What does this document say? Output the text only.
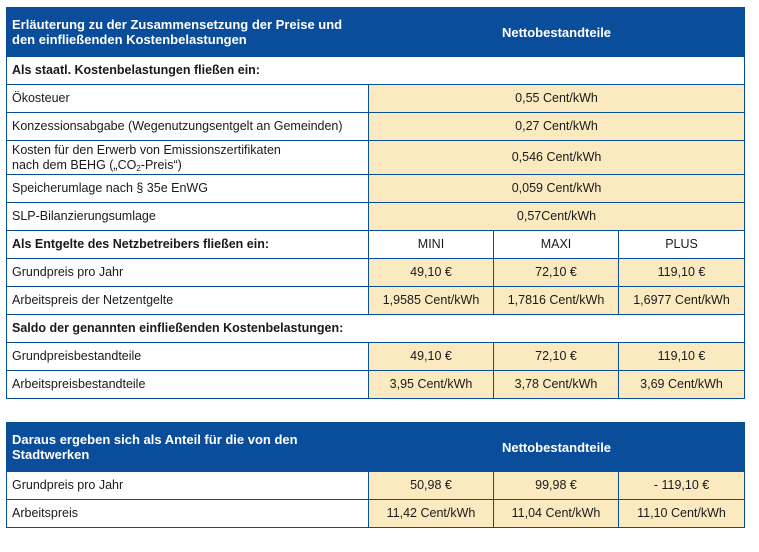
Erläuterung zu der Zusammensetzung der Preise und den einfließenden Kostenbelastungen	Nettobestandteile		
Als staatl. Kostenbelastungen fließen ein:			
Ökosteuer	0,55 Cent/kWh		
Konzessionsabgabe (Wegenutzungsentgelt an Gemeinden)	0,27 Cent/kWh		
Kosten für den Erwerb von Emissionszertifikaten
nach dem BEHG $(„CO_2-Preis“)$	0,546 Cent/kWh		
Speicherumlage nach § 35e EnWG	0,059 Cent/kWh		
SLP-Bilanzierungsumlage	0,57Cent/kWh		
Als Entgelte des Netzbetreibers fließen ein:	MINI	MAXI	PLUS
Grundpreis pro Jahr	49,10 €	72,10 €	119,10 €
Arbeitspreis der Netzentgelte	1,9585 Cent/kWh	1,7816 Cent/kWh	1,6977 Cent/kWh
Saldo der genannten einfließenden Kostenbelastungen:			
Grundpreisbestandteile	49,10 €	72,10 €	119,10 €
Arbeitspreisbestandteile	3,95 Cent/kWh	3,78 Cent/kWh	3,69 Cent/kWh
Daraus ergeben sich als Anteil für die von den Stadtwerken	Nettobestandteile		
Grundpreis pro Jahr	50,98 €	99,98 €	- 119,10 €
Arbeitspreis	11,42 Cent/kWh	11,04 Cent/kWh	11,10 Cent/kWh
